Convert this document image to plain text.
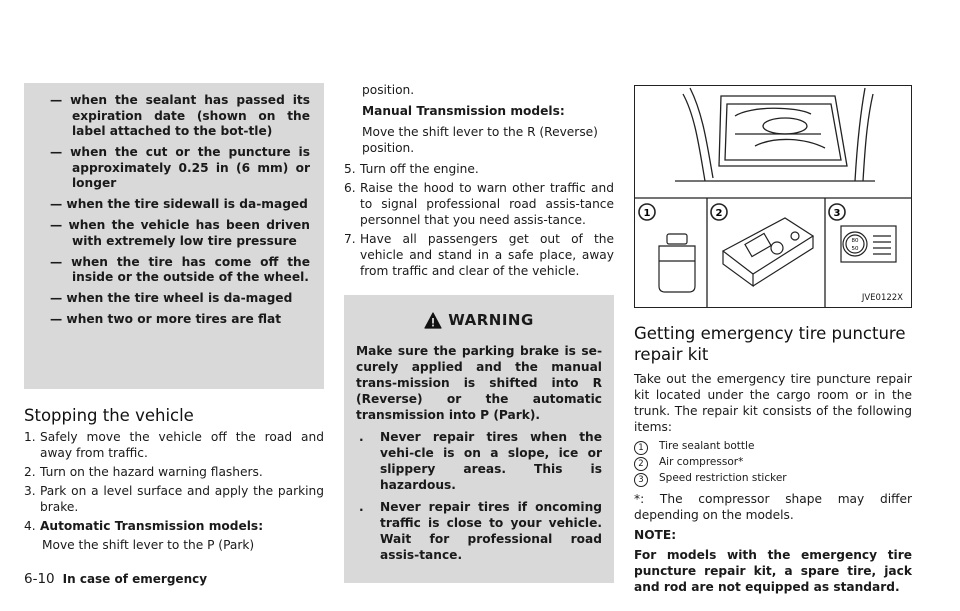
— when the sealant has passed its expiration date (shown on the label attached to the bot-tle)

— when the cut or the puncture is approximately 0.25 in (6 mm) or longer

— when the tire sidewall is da-maged

— when the vehicle has been driven with extremely low tire pressure

— when the tire has come off the inside or the outside of the wheel.

— when the tire wheel is da-maged

— when two or more tires are flat

Stopping the vehicle

1. Safely move the vehicle off the road and away from traffic.

2. Turn on the hazard warning flashers.

3. Park on a level surface and apply the parking brake.

4. Automatic Transmission models:

Move the shift lever to the P (Park)

position.

Manual Transmission models:

Move the shift lever to the R (Reverse) position.

5. Turn off the engine.

6. Raise the hood to warn other traffic and to signal professional road assis-tance personnel that you need assis-tance.

7. Have all passengers get out of the vehicle and stand in a safe place, away from traffic and clear of the vehicle.

WARNING

Make sure the parking brake is se-curely applied and the manual trans-mission is shifted into R (Reverse) or the automatic transmission into P (Park).

. Never repair tires when the vehi-cle is on a slope, ice or slippery areas. This is hazardous.

. Never repair tires if oncoming traffic is close to your vehicle. Wait for professional road assis-tance.

80
50
1	2	3
JVE0122X
Getting emergency tire puncture repair kit

Take out the emergency tire puncture repair kit located under the cargo room or in the trunk. The repair kit consists of the following items:

1 Tire sealant bottle
2 Air compressor*
3 Speed restriction sticker

*: The compressor shape may differ depending on the models.

NOTE:

For models with the emergency tire puncture repair kit, a spare tire, jack and rod are not equipped as standard.

6-10 In case of emergency
